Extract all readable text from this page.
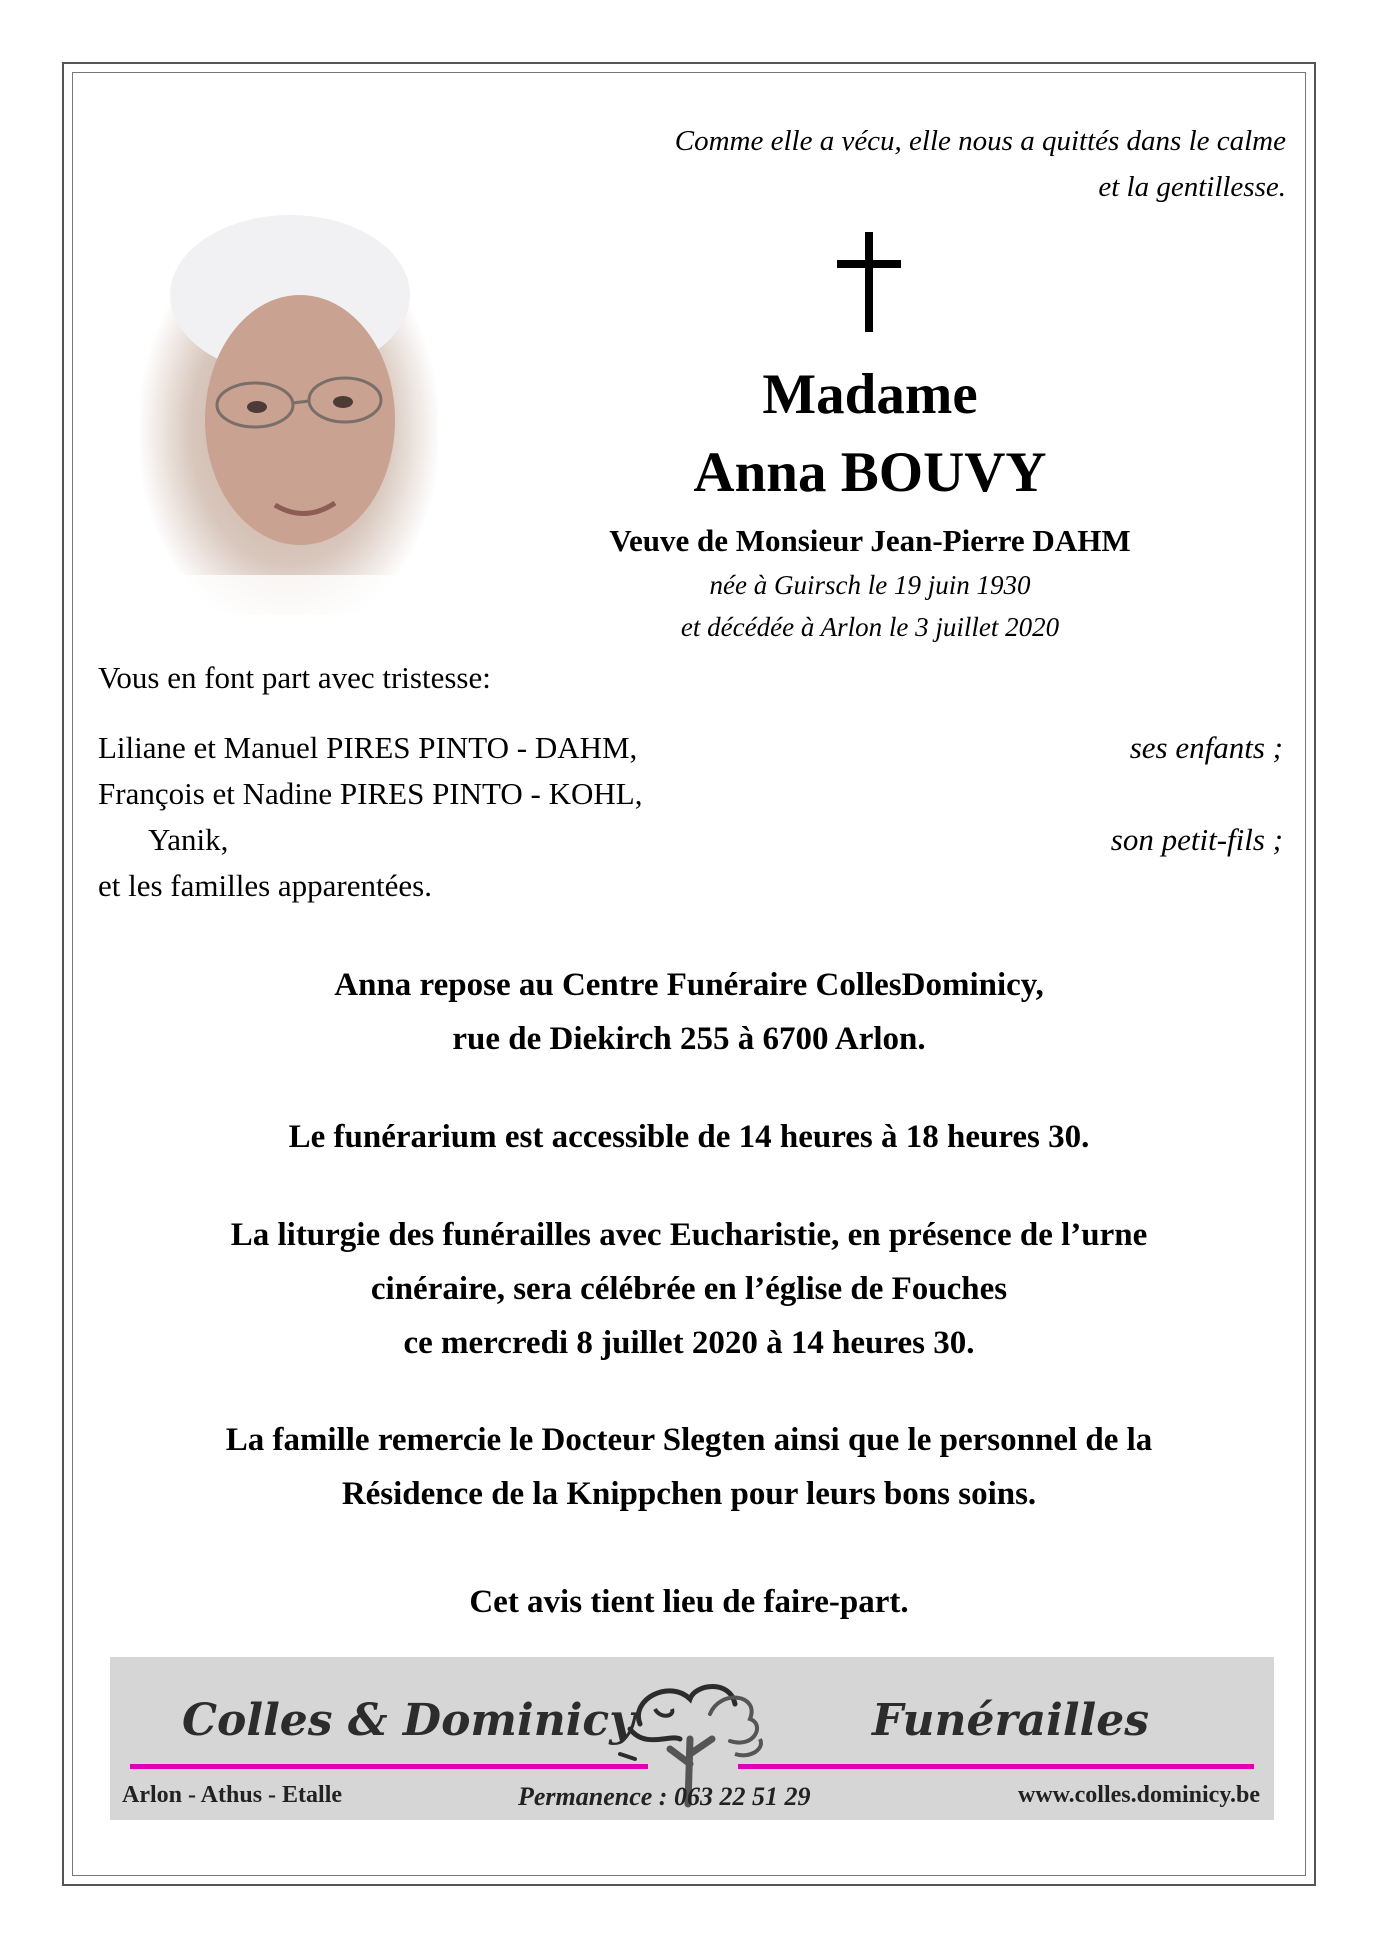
Comme elle a vécu, elle nous a quittés dans le calme
et la gentillesse.
Madame
Anna BOUVY
Veuve de Monsieur Jean-Pierre DAHM
née à Guirsch le 19 juin 1930
et décédée à Arlon le 3 juillet 2020
Vous en font part avec tristesse:
Liliane et Manuel PIRES PINTO - DAHM,	ses enfants ;
François et Nadine PIRES PINTO - KOHL,
Yanik,	son petit-fils ;
et les familles apparentées.
Anna repose au Centre Funéraire CollesDominicy,
rue de Diekirch 255 à 6700 Arlon.
Le funérarium est accessible de 14 heures à 18 heures 30.
La liturgie des funérailles avec Eucharistie, en présence de l’urne
cinéraire, sera célébrée en l’église de Fouches
ce mercredi 8 juillet 2020 à 14 heures 30.
La famille remercie le Docteur Slegten ainsi que le personnel de la
Résidence de la Knippchen pour leurs bons soins.
Cet avis tient lieu de faire-part.
Colles & Dominicy	Funérailles
Arlon - Athus - Etalle	Permanence : 063 22 51 29	www.colles.dominicy.be
